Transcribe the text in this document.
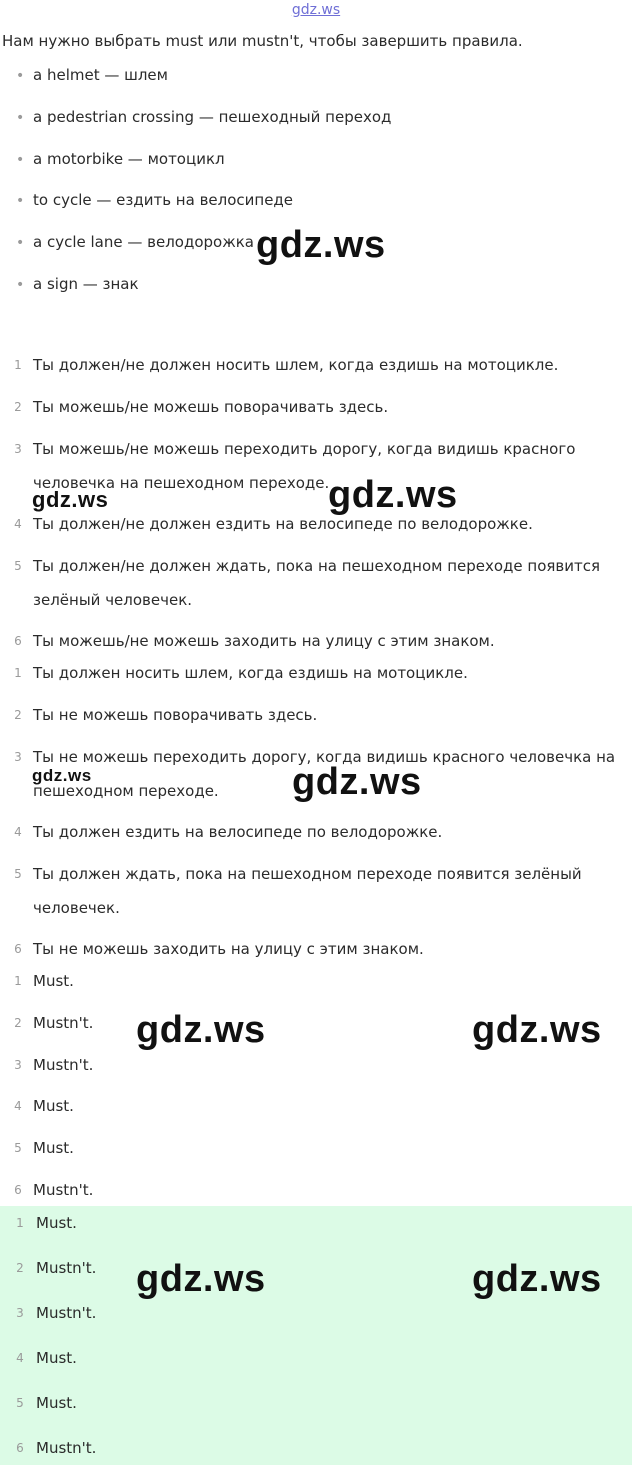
gdz.ws
Нам нужно выбрать must или mustn't, чтобы завершить правила.
• a helmet — шлем
• a pedestrian crossing — пешеходный переход
• a motorbike — мотоцикл
• to cycle — ездить на велосипеде
• a cycle lane — велодорожка
• a sign — знак
1 Ты должен/не должен носить шлем, когда ездишь на мотоцикле.
2 Ты можешь/не можешь поворачивать здесь.
3 Ты можешь/не можешь переходить дорогу, когда видишь красного
человечка на пешеходном переходе.
4 Ты должен/не должен ездить на велосипеде по велодорожке.
5 Ты должен/не должен ждать, пока на пешеходном переходе появится
зелёный человечек.
6 Ты можешь/не можешь заходить на улицу с этим знаком.
1 Ты должен носить шлем, когда ездишь на мотоцикле.
2 Ты не можешь поворачивать здесь.
3 Ты не можешь переходить дорогу, когда видишь красного человечка на
пешеходном переходе.
4 Ты должен ездить на велосипеде по велодорожке.
5 Ты должен ждать, пока на пешеходном переходе появится зелёный
человечек.
6 Ты не можешь заходить на улицу с этим знаком.
1 Must.
2 Mustn't.
3 Mustn't.
4 Must.
5 Must.
6 Mustn't.
1 Must.
2 Mustn't.
3 Mustn't.
4 Must.
5 Must.
6 Mustn't.
gdz.ws
gdz.ws	gdz.ws
gdz.ws	gdz.ws
gdz.ws	gdz.ws
gdz.ws	gdz.ws
